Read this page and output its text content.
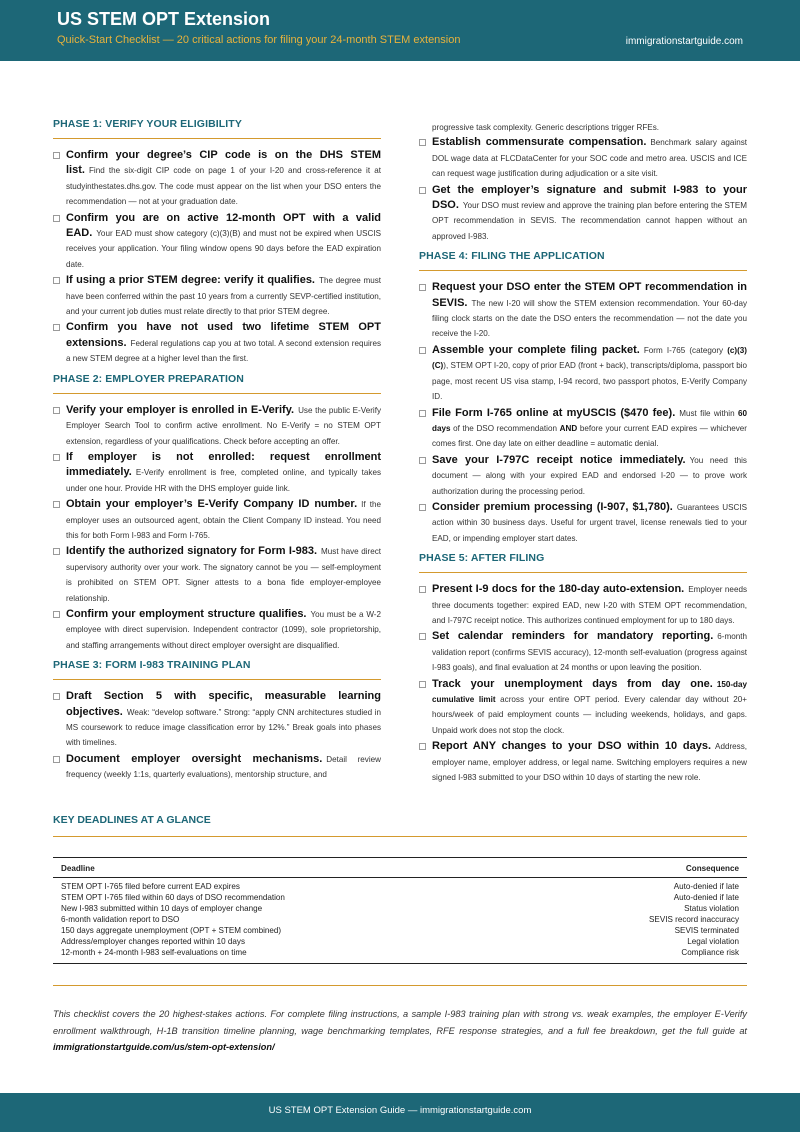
US STEM OPT Extension
Quick-Start Checklist — 20 critical actions for filing your 24-month STEM extension	immigrationstartguide.com
PHASE 1: VERIFY YOUR ELIGIBILITY
Confirm your degree’s CIP code is on the DHS STEM list. Find the six-digit CIP code on page 1 of your I-20 and cross-reference it at studyinthestates.dhs.gov. The code must appear on the list when your DSO enters the recommendation — not at your graduation date.
Confirm you are on active 12-month OPT with a valid EAD. Your EAD must show category (c)(3)(B) and must not be expired when USCIS receives your application. Your filing window opens 90 days before the EAD expiration date.
If using a prior STEM degree: verify it qualifies. The degree must have been conferred within the past 10 years from a currently SEVP-certified institution, and your current job duties must relate directly to that prior STEM degree.
Confirm you have not used two lifetime STEM OPT extensions. Federal regulations cap you at two total. A second extension requires a new STEM degree at a higher level than the first.
PHASE 2: EMPLOYER PREPARATION
Verify your employer is enrolled in E-Verify. Use the public E-Verify Employer Search Tool to confirm active enrollment. No E-Verify = no STEM OPT extension, regardless of your qualifications. Check before accepting an offer.
If employer is not enrolled: request enrollment immediately. E-Verify enrollment is free, completed online, and typically takes under one hour. Provide HR with the DHS employer guide link.
Obtain your employer’s E-Verify Company ID number. If the employer uses an outsourced agent, obtain the Client Company ID instead. You need this for both Form I-983 and Form I-765.
Identify the authorized signatory for Form I-983. Must have direct supervisory authority over your work. The signatory cannot be you — self-employment is prohibited on STEM OPT. Signer attests to a bona fide employer-employee relationship.
Confirm your employment structure qualifies. You must be a W-2 employee with direct supervision. Independent contractor (1099), sole proprietorship, and staffing arrangements without direct employer oversight are disqualified.
PHASE 3: FORM I-983 TRAINING PLAN
Draft Section 5 with specific, measurable learning objectives. Weak: “develop software.” Strong: “apply CNN architectures studied in MS coursework to reduce image classification error by 12%.” Break goals into phases with timelines.
Document employer oversight mechanisms. Detail review frequency (weekly 1:1s, quarterly evaluations), mentorship structure, and
progressive task complexity. Generic descriptions trigger RFEs.
Establish commensurate compensation. Benchmark salary against DOL wage data at FLCDataCenter for your SOC code and metro area. USCIS and ICE can request wage justification during adjudication or a site visit.
Get the employer’s signature and submit I-983 to your DSO. Your DSO must review and approve the training plan before entering the STEM OPT recommendation in SEVIS. The recommendation cannot happen without an approved I-983.
PHASE 4: FILING THE APPLICATION
Request your DSO enter the STEM OPT recommendation in SEVIS. The new I-20 will show the STEM extension recommendation. Your 60-day filing clock starts on the date the DSO enters the recommendation — not the date you receive the I-20.
Assemble your complete filing packet. Form I-765 (category (c)(3)(C)), STEM OPT I-20, copy of prior EAD (front + back), transcripts/diploma, passport bio page, most recent US visa stamp, I-94 record, two passport photos, E-Verify Company ID.
File Form I-765 online at myUSCIS ($470 fee). Must file within 60 days of the DSO recommendation AND before your current EAD expires — whichever comes first. One day late on either deadline = automatic denial.
Save your I-797C receipt notice immediately. You need this document — along with your expired EAD and endorsed I-20 — to prove work authorization during the processing period.
Consider premium processing (I-907, $1,780). Guarantees USCIS action within 30 business days. Useful for urgent travel, license renewals tied to your EAD, or impending employer start dates.
PHASE 5: AFTER FILING
Present I-9 docs for the 180-day auto-extension. Employer needs three documents together: expired EAD, new I-20 with STEM OPT recommendation, and I-797C receipt notice. This authorizes continued employment for up to 180 days.
Set calendar reminders for mandatory reporting. 6-month validation report (confirms SEVIS accuracy), 12-month self-evaluation (progress against I-983 goals), and final evaluation at 24 months or upon leaving the position.
Track your unemployment days from day one. 150-day cumulative limit across your entire OPT period. Every calendar day without 20+ hours/week of paid employment counts — including weekends, holidays, and gaps. Unpaid work does not stop the clock.
Report ANY changes to your DSO within 10 days. Address, employer name, employer address, or legal name. Switching employers requires a new signed I-983 submitted to your DSO within 10 days of starting the new role.
KEY DEADLINES AT A GLANCE
Deadline	Consequence
STEM OPT I-765 filed before current EAD expires	Auto-denied if late
STEM OPT I-765 filed within 60 days of DSO recommendation	Auto-denied if late
New I-983 submitted within 10 days of employer change	Status violation
6-month validation report to DSO	SEVIS record inaccuracy
150 days aggregate unemployment (OPT + STEM combined)	SEVIS terminated
Address/employer changes reported within 10 days	Legal violation
12-month + 24-month I-983 self-evaluations on time	Compliance risk
This checklist covers the 20 highest-stakes actions. For complete filing instructions, a sample I-983 training plan with strong vs. weak examples, the employer E-Verify enrollment walkthrough, H-1B transition timeline planning, wage benchmarking templates, RFE response strategies, and a full fee breakdown, get the full guide at immigrationstartguide.com/us/stem-opt-extension/
US STEM OPT Extension Guide — immigrationstartguide.com
